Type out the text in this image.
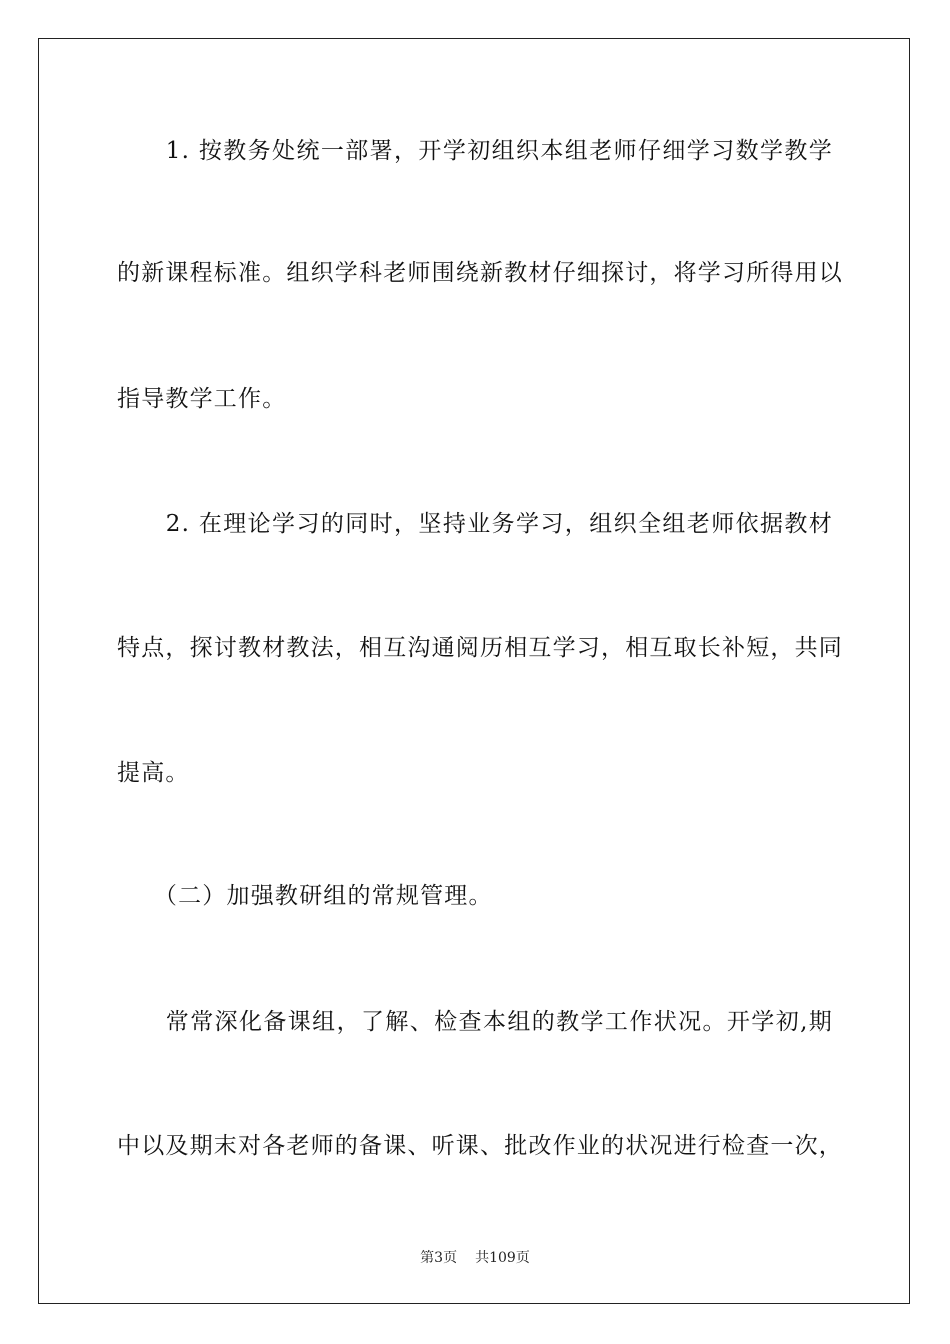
　　1. 按教务处统一部署，开学初组织本组老师仔细学习数学教学
的新课程标准。组织学科老师围绕新教材仔细探讨，将学习所得用以
指导教学工作。
　　2. 在理论学习的同时，坚持业务学习，组织全组老师依据教材
特点，探讨教材教法，相互沟通阅历相互学习，相互取长补短，共同
提高。
　　（二）加强教研组的常规管理。
　　常常深化备课组，了解、检查本组的教学工作状况。开学初,期
中以及期末对各老师的备课、听课、批改作业的状况进行检查一次，
第3页 共109页
